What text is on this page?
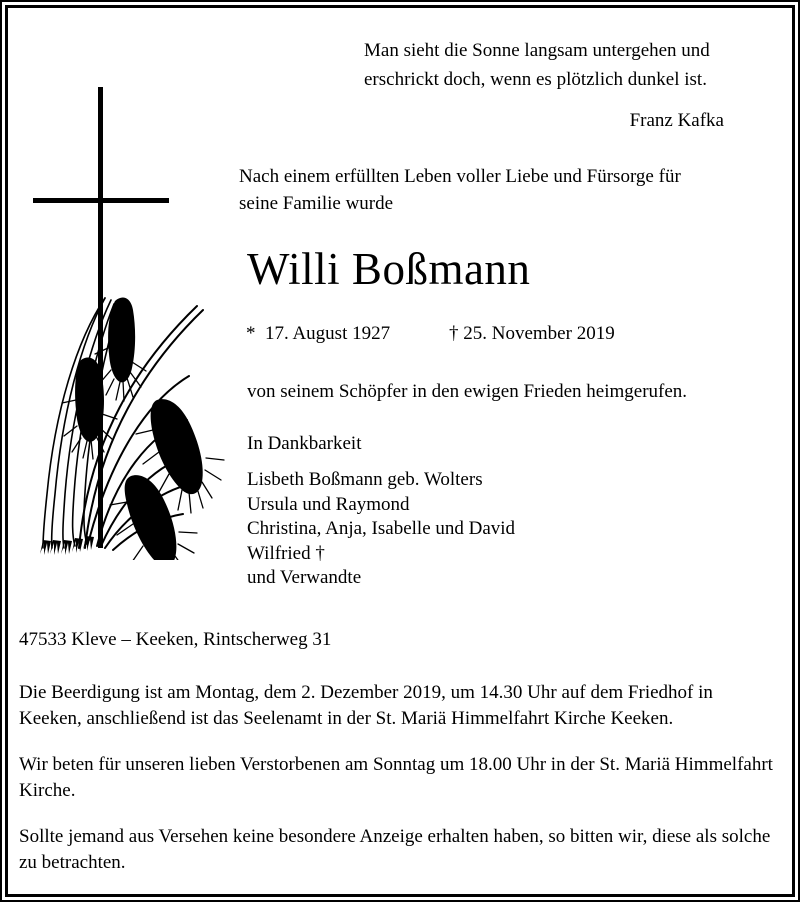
Man sieht die Sonne langsam untergehen und
erschrickt doch, wenn es plötzlich dunkel ist.
Franz Kafka
Nach einem erfüllten Leben voller Liebe und Fürsorge für
seine Familie wurde
Willi Boßmann
* 17. August 1927	† 25. November 2019
von seinem Schöpfer in den ewigen Frieden heimgerufen.
In Dankbarkeit
Lisbeth Boßmann geb. Wolters
Ursula und Raymond
Christina, Anja, Isabelle und David
Wilfried †
und Verwandte
47533 Kleve – Keeken, Rintscherweg 31
Die Beerdigung ist am Montag, dem 2. Dezember 2019, um 14.30 Uhr auf dem Friedhof in Keeken, anschließend ist das Seelenamt in der St. Mariä Himmelfahrt Kirche Keeken.
Wir beten für unseren lieben Verstorbenen am Sonntag um 18.00 Uhr in der St. Mariä Himmelfahrt Kirche.
Sollte jemand aus Versehen keine besondere Anzeige erhalten haben, so bitten wir, diese als solche zu betrachten.
